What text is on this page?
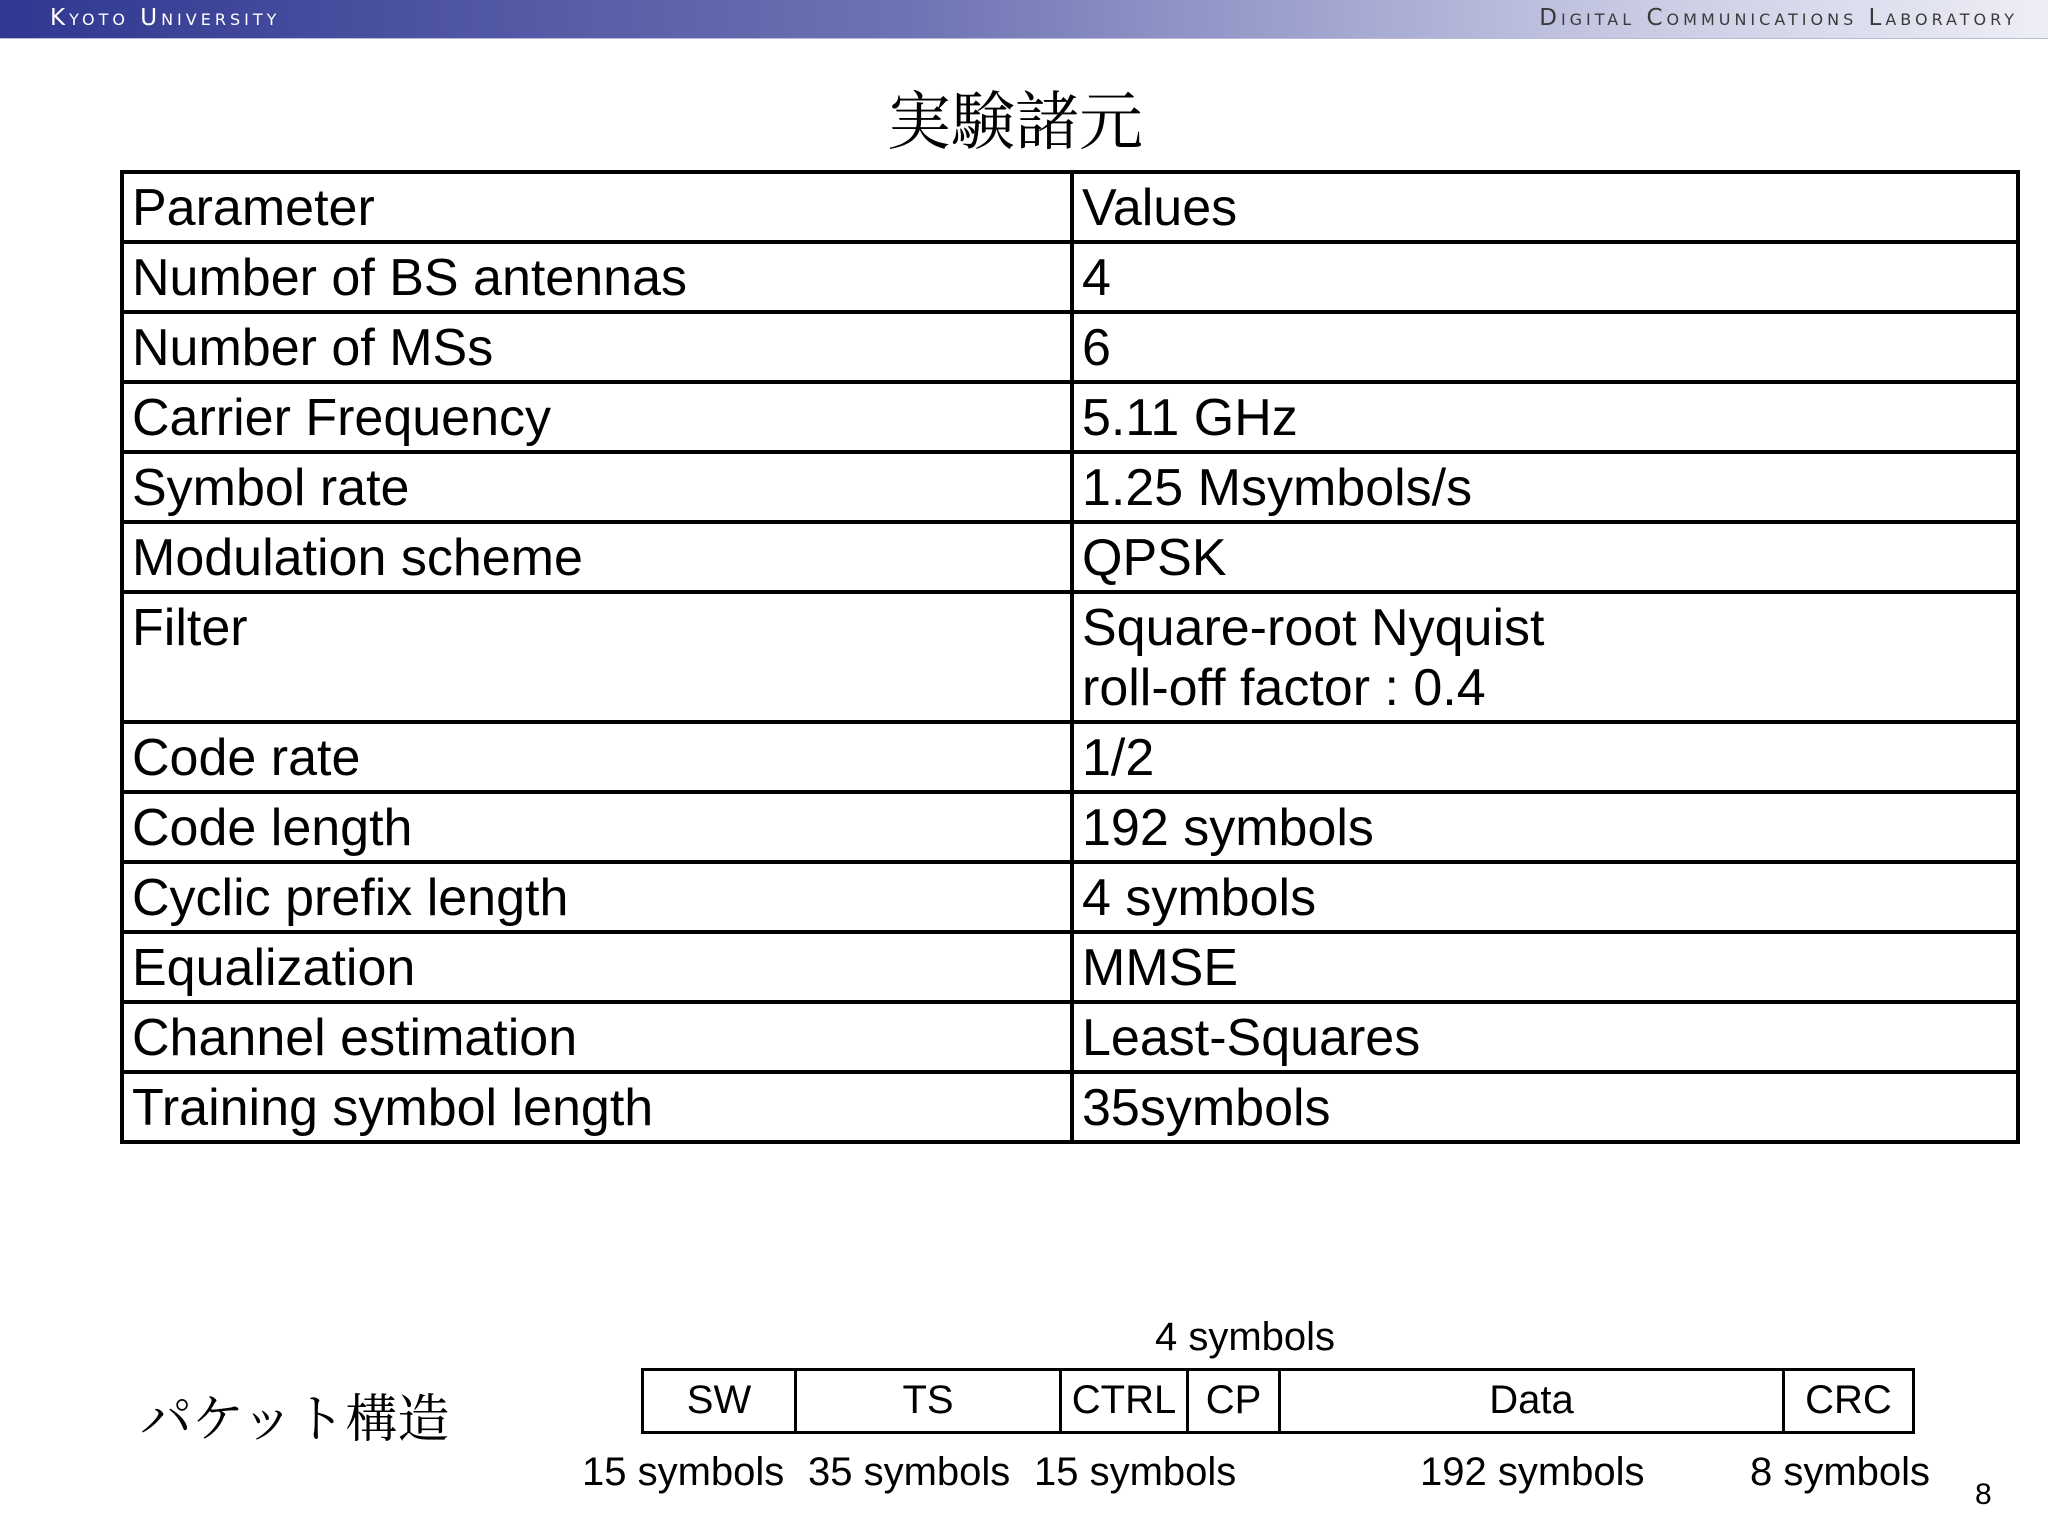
Kyoto University	Digital Communications Laboratory
実験諸元
Parameter	Values
Number of BS antennas	4
Number of MSs	6
Carrier Frequency	5.11 GHz
Symbol rate	1.25 Msymbols/s
Modulation scheme	QPSK
Filter	Square-root Nyquist
roll-off factor : 0.4

Code rate	1/2
Code length	192 symbols
Cyclic prefix length	4 symbols
Equalization	MMSE
Channel estimation	Least-Squares
Training symbol length	35symbols
パケット構造
4 symbols
SW	TS	CTRL CP	Data	CRC
15 symbols 35 symbols 15 symbols	192 symbols	8 symbols
8
